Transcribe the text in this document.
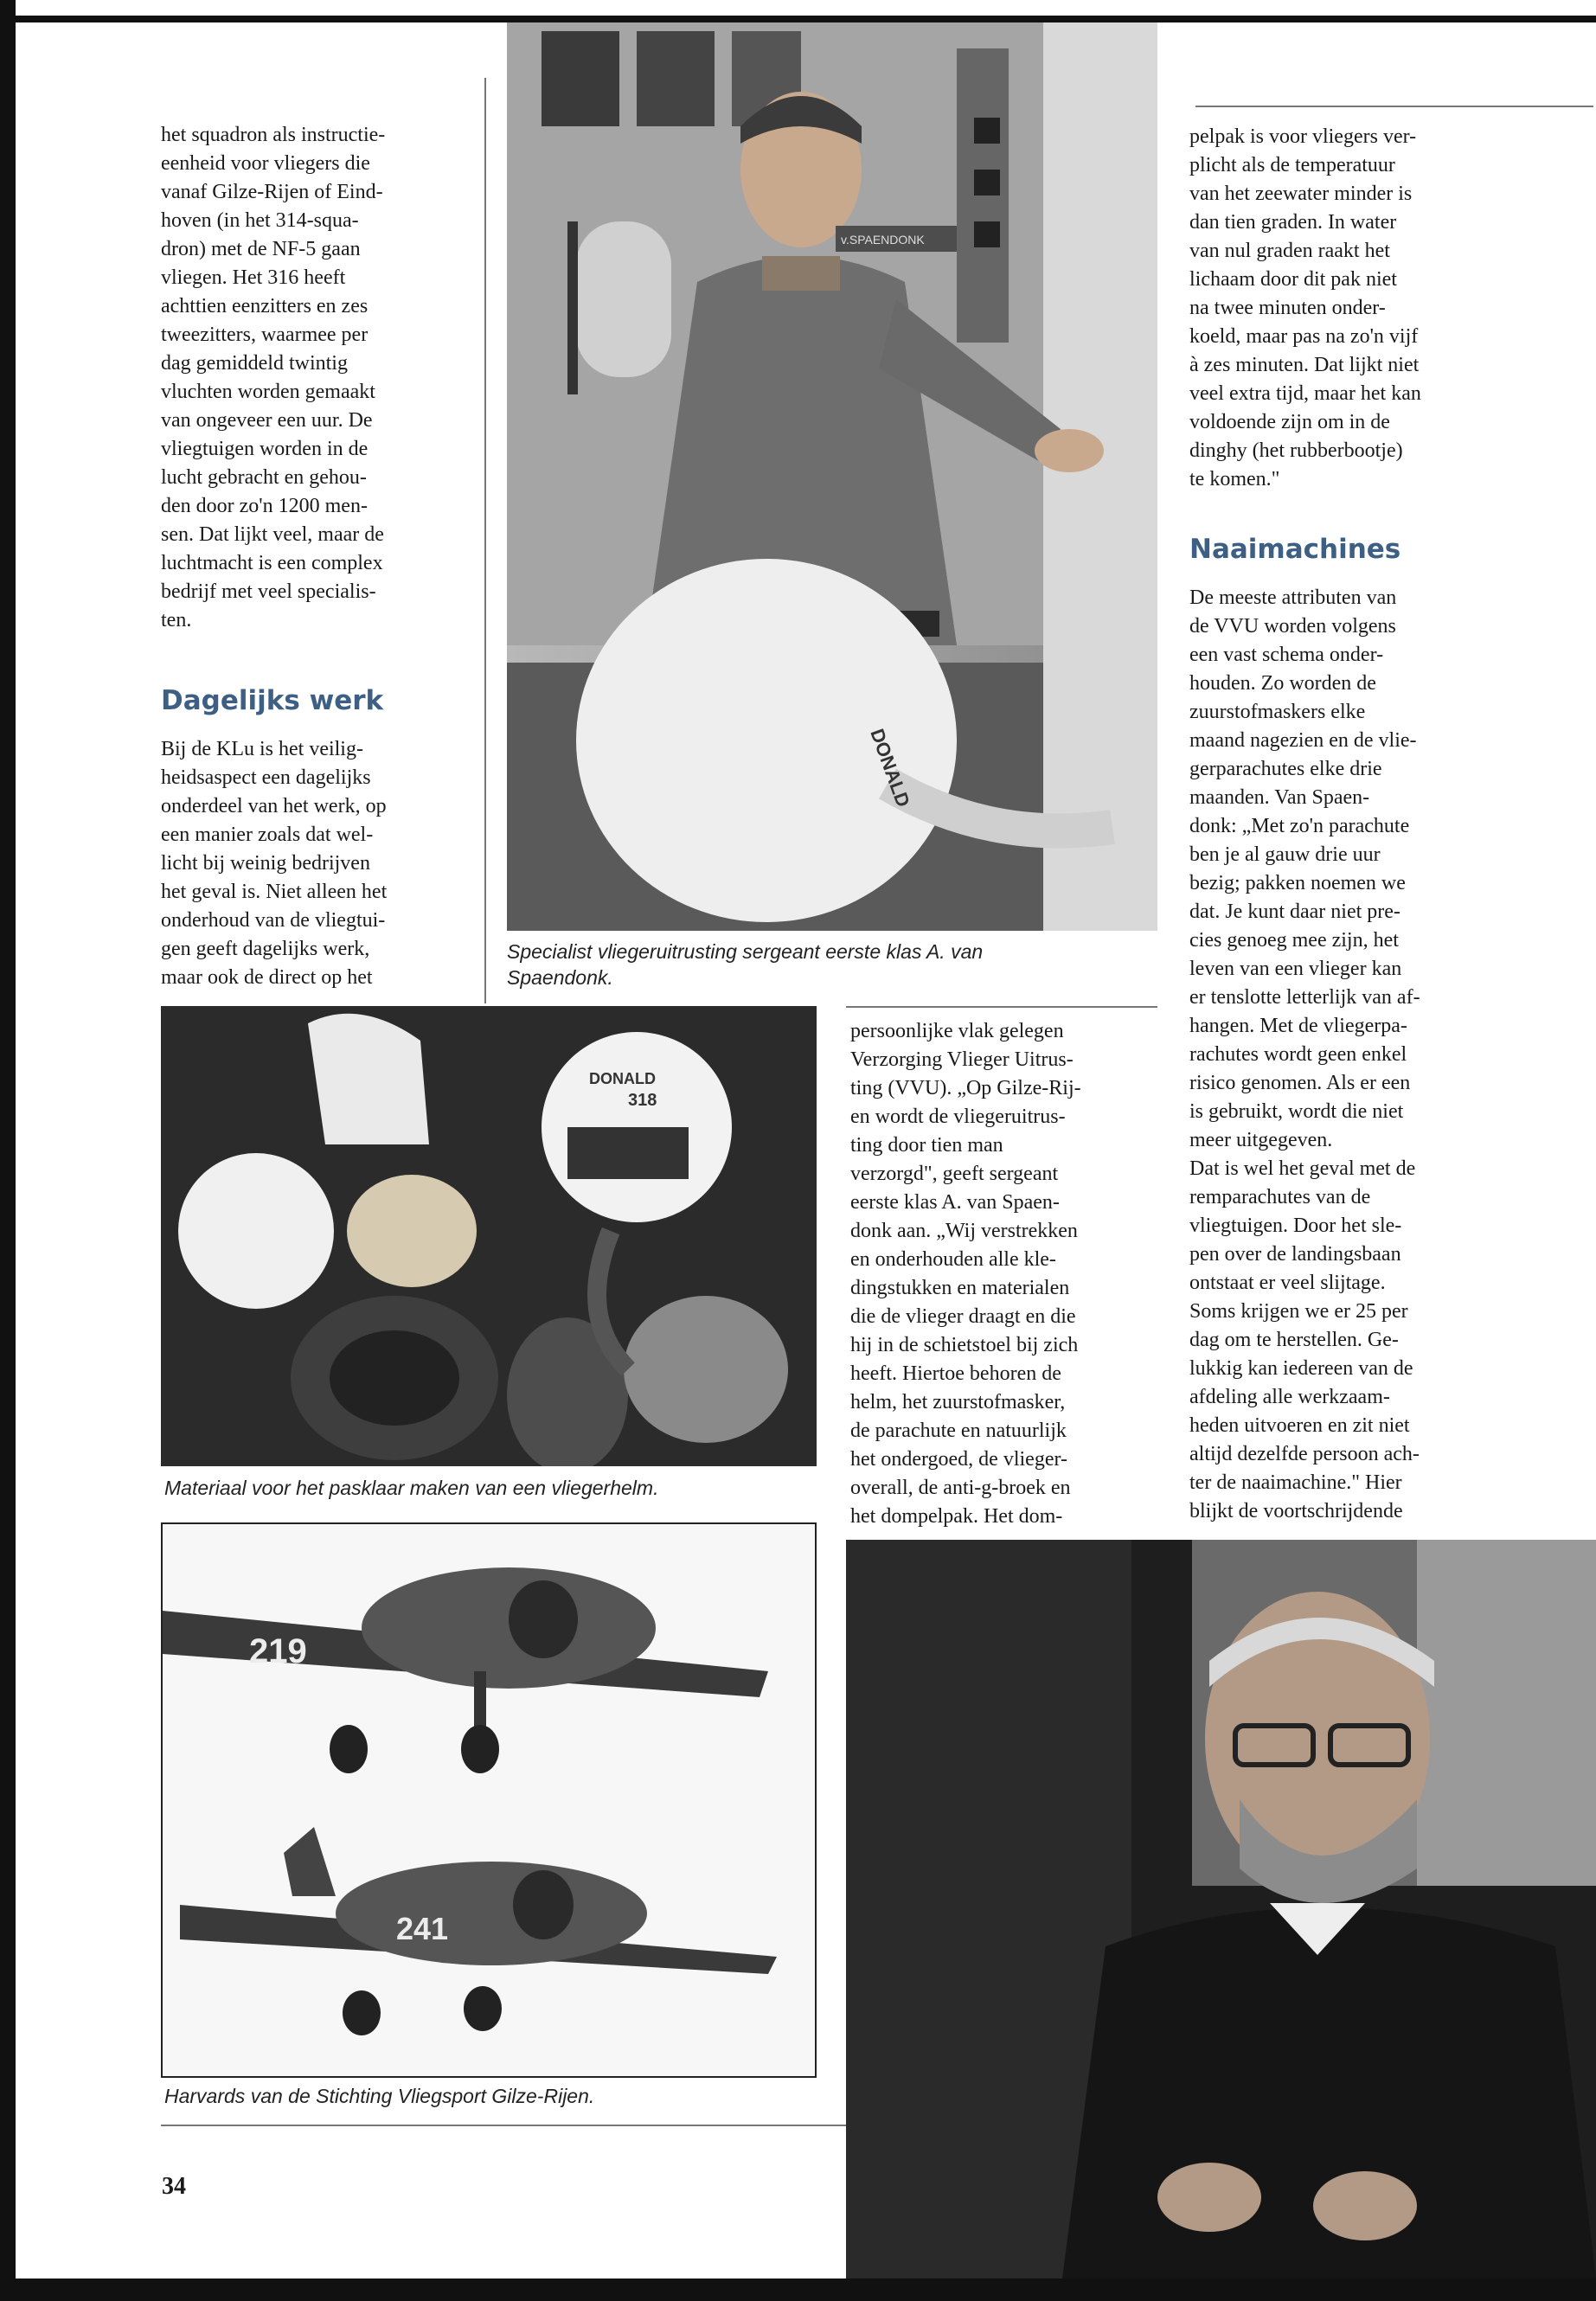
het squadron als instructie-
eenheid voor vliegers die
vanaf Gilze-Rijen of Eind-
hoven (in het 314-squa-
dron) met de NF-5 gaan
vliegen. Het 316 heeft
achttien eenzitters en zes
tweezitters, waarmee per
dag gemiddeld twintig
vluchten worden gemaakt
van ongeveer een uur. De
vliegtuigen worden in de
lucht gebracht en gehou-
den door zo'n 1200 men-
sen. Dat lijkt veel, maar de
luchtmacht is een complex
bedrijf met veel specialis-
ten.

Dagelijks werk

Bij de KLu is het veilig-
heidsaspect een dagelijks
onderdeel van het werk, op
een manier zoals dat wel-
licht bij weinig bedrijven
het geval is. Niet alleen het
onderhoud van de vliegtui-
gen geeft dagelijks werk,
maar ook de direct op het

v.SPAENDONK
DONALD
Specialist vliegeruitrusting sergeant eerste klas A. van
Spaendonk.
DONALD
318
Materiaal voor het pasklaar maken van een vliegerhelm.

persoonlijke vlak gelegen
Verzorging Vlieger Uitrus-
ting (VVU). „Op Gilze-Rij-
en wordt de vliegeruitrus-
ting door tien man
verzorgd", geeft sergeant
eerste klas A. van Spaen-
donk aan. „Wij verstrekken
en onderhouden alle kle-
dingstukken en materialen
die de vlieger draagt en die
hij in de schietstoel bij zich
heeft. Hiertoe behoren de
helm, het zuurstofmasker,
de parachute en natuurlijk
het ondergoed, de vlieger-
overall, de anti-g-broek en
het dompelpak. Het dom-

pelpak is voor vliegers ver-
plicht als de temperatuur
van het zeewater minder is
dan tien graden. In water
van nul graden raakt het
lichaam door dit pak niet
na twee minuten onder-
koeld, maar pas na zo'n vijf
à zes minuten. Dat lijkt niet
veel extra tijd, maar het kan
voldoende zijn om in de
dinghy (het rubberbootje)
te komen."

Naaimachines

De meeste attributen van
de VVU worden volgens
een vast schema onder-
houden. Zo worden de
zuurstofmaskers elke
maand nagezien en de vlie-
gerparachutes elke drie
maanden. Van Spaen-
donk: „Met zo'n parachute
ben je al gauw drie uur
bezig; pakken noemen we
dat. Je kunt daar niet pre-
cies genoeg mee zijn, het
leven van een vlieger kan
er tenslotte letterlijk van af-
hangen. Met de vliegerpa-
rachutes wordt geen enkel
risico genomen. Als er een
is gebruikt, wordt die niet
meer uitgegeven.
Dat is wel het geval met de
remparachutes van de
vliegtuigen. Door het sle-
pen over de landingsbaan
ontstaat er veel slijtage.
Soms krijgen we er 25 per
dag om te herstellen. Ge-
lukkig kan iedereen van de
afdeling alle werkzaam-
heden uitvoeren en zit niet
altijd dezelfde persoon ach-
ter de naaimachine." Hier
blijkt de voortschrijdende

219
241
Harvards van de Stichting Vliegsport Gilze-Rijen.
34
